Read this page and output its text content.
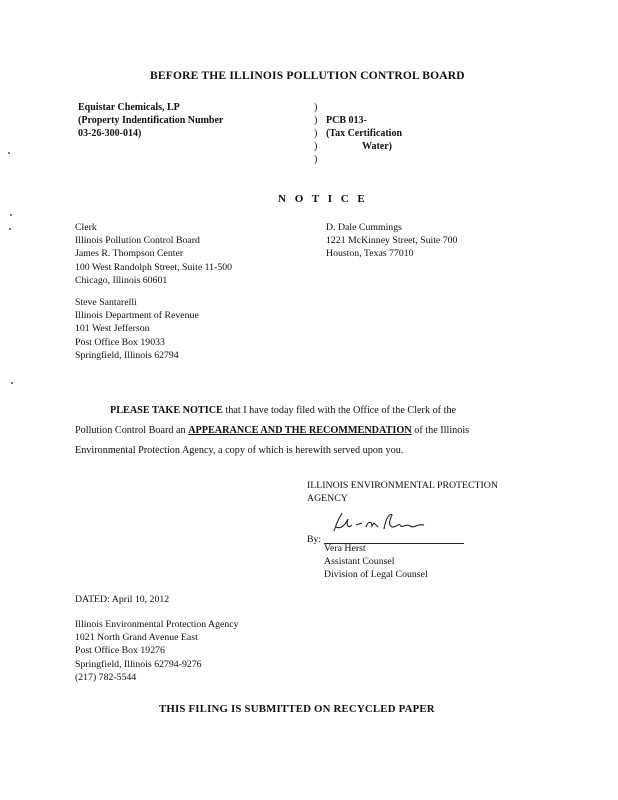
BEFORE THE ILLINOIS POLLUTION CONTROL BOARD
Equistar Chemicals, LP
(Property Indentification Number
03-26-300-014)
)
)
)
)
)
PCB 013-
(Tax Certification
Water)
N O T I C E
Clerk
Illinois Pollution Control Board
James R. Thompson Center
100 West Randolph Street, Suite 11-500
Chicago, Illinois 60601
D. Dale Cummings
1221 McKinney Street, Suite 700
Houston, Texas 77010
Steve Santarelli
Illinois Department of Revenue
101 West Jefferson
Post Office Box 19033
Springfield, Illinois 62794
PLEASE TAKE NOTICE that I have today filed with the Office of the Clerk of the
Pollution Control Board an APPEARANCE AND THE RECOMMENDATION of the Illinois
Environmental Protection Agency, a copy of which is herewith served upon you.
ILLINOIS ENVIRONMENTAL PROTECTION
AGENCY
By:
Vera Herst
Assistant Counsel
Division of Legal Counsel
DATED: April 10, 2012
Illinois Environmental Protection Agency
1021 North Grand Avenue East
Post Office Box 19276
Springfield, Illinois 62794-9276
(217) 782-5544
THIS FILING IS SUBMITTED ON RECYCLED PAPER
